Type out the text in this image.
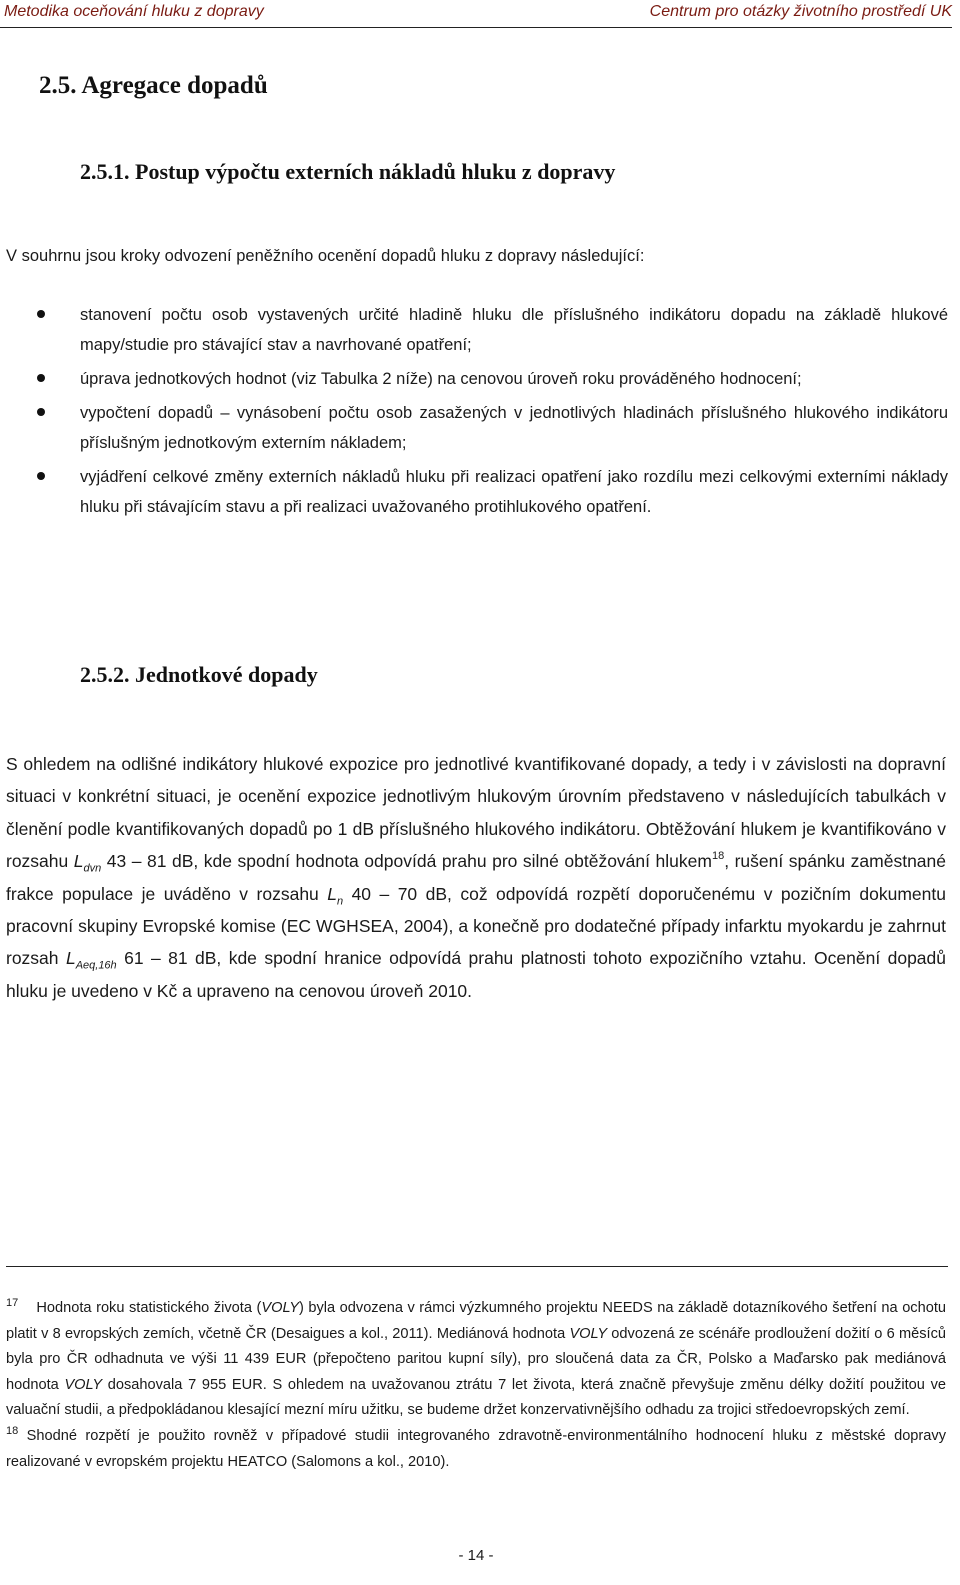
Metodika oceňování hluku z dopravy	Centrum pro otázky životního prostředí UK
2.5. Agregace dopadů
2.5.1. Postup výpočtu externích nákladů hluku z dopravy

V souhrnu jsou kroky odvození peněžního ocenění dopadů hluku z dopravy následující:

stanovení počtu osob vystavených určité hladině hluku dle příslušného indikátoru dopadu na základě hlukové mapy/studie pro stávající stav a navrhované opatření;
úprava jednotkových hodnot (viz Tabulka 2 níže) na cenovou úroveň roku prováděného hodnocení;
vypočtení dopadů – vynásobení počtu osob zasažených v jednotlivých hladinách příslušného hlukového indikátoru příslušným jednotkovým externím nákladem;
vyjádření celkové změny externích nákladů hluku při realizaci opatření jako rozdílu mezi celkovými externími náklady hluku při stávajícím stavu a při realizaci uvažovaného protihlukového opatření.
2.5.2. Jednotkové dopady

S ohledem na odlišné indikátory hlukové expozice pro jednotlivé kvantifikované dopady, a tedy i v závislosti na dopravní situaci v konkrétní situaci, je ocenění expozice jednotlivým hlukovým úrovním představeno v následujících tabulkách v členění podle kvantifikovaných dopadů po 1 dB příslušného hlukového indikátoru. Obtěžování hlukem je kvantifikováno v rozsahu $L_{dvn}$ 43 – 81 dB, kde spodní hodnota odpovídá prahu pro silné obtěžování hlukem$^{18}$, rušení spánku zaměstnané frakce populace je uváděno v rozsahu $L_n$ 40 – 70 dB, což odpovídá rozpětí doporučenému v pozičním dokumentu pracovní skupiny Evropské komise (EC WGHSEA, 2004), a konečně pro dodatečné případy infarktu myokardu je zahrnut rozsah $L_{Aeq,16h}$ 61 – 81 dB, kde spodní hranice odpovídá prahu platnosti tohoto expozičního vztahu. Ocenění dopadů hluku je uvedeno v Kč a upraveno na cenovou úroveň 2010.

$^{17}$ Hodnota roku statistického života (VOLY) byla odvozena v rámci výzkumného projektu NEEDS na základě dotazníkového šetření na ochotu platit v 8 evropských zemích, včetně ČR (Desaigues a kol., 2011). Mediánová hodnota VOLY odvozená ze scénáře prodloužení dožití o 6 měsíců byla pro ČR odhadnuta ve výši 11 439 EUR (přepočteno paritou kupní síly), pro sloučená data za ČR, Polsko a Maďarsko pak mediánová hodnota VOLY dosahovala 7 955 EUR. S ohledem na uvažovanou ztrátu 7 let života, která značně převyšuje změnu délky dožití použitou ve valuační studii, a předpokládanou klesající mezní míru užitku, se budeme držet konzervativnějšího odhadu za trojici středoevropských zemí.

$^{18}$ Shodné rozpětí je použito rovněž v případové studii integrovaného zdravotně-environmentálního hodnocení hluku z městské dopravy realizované v evropském projektu HEATCO (Salomons a kol., 2010).

- 14 -
